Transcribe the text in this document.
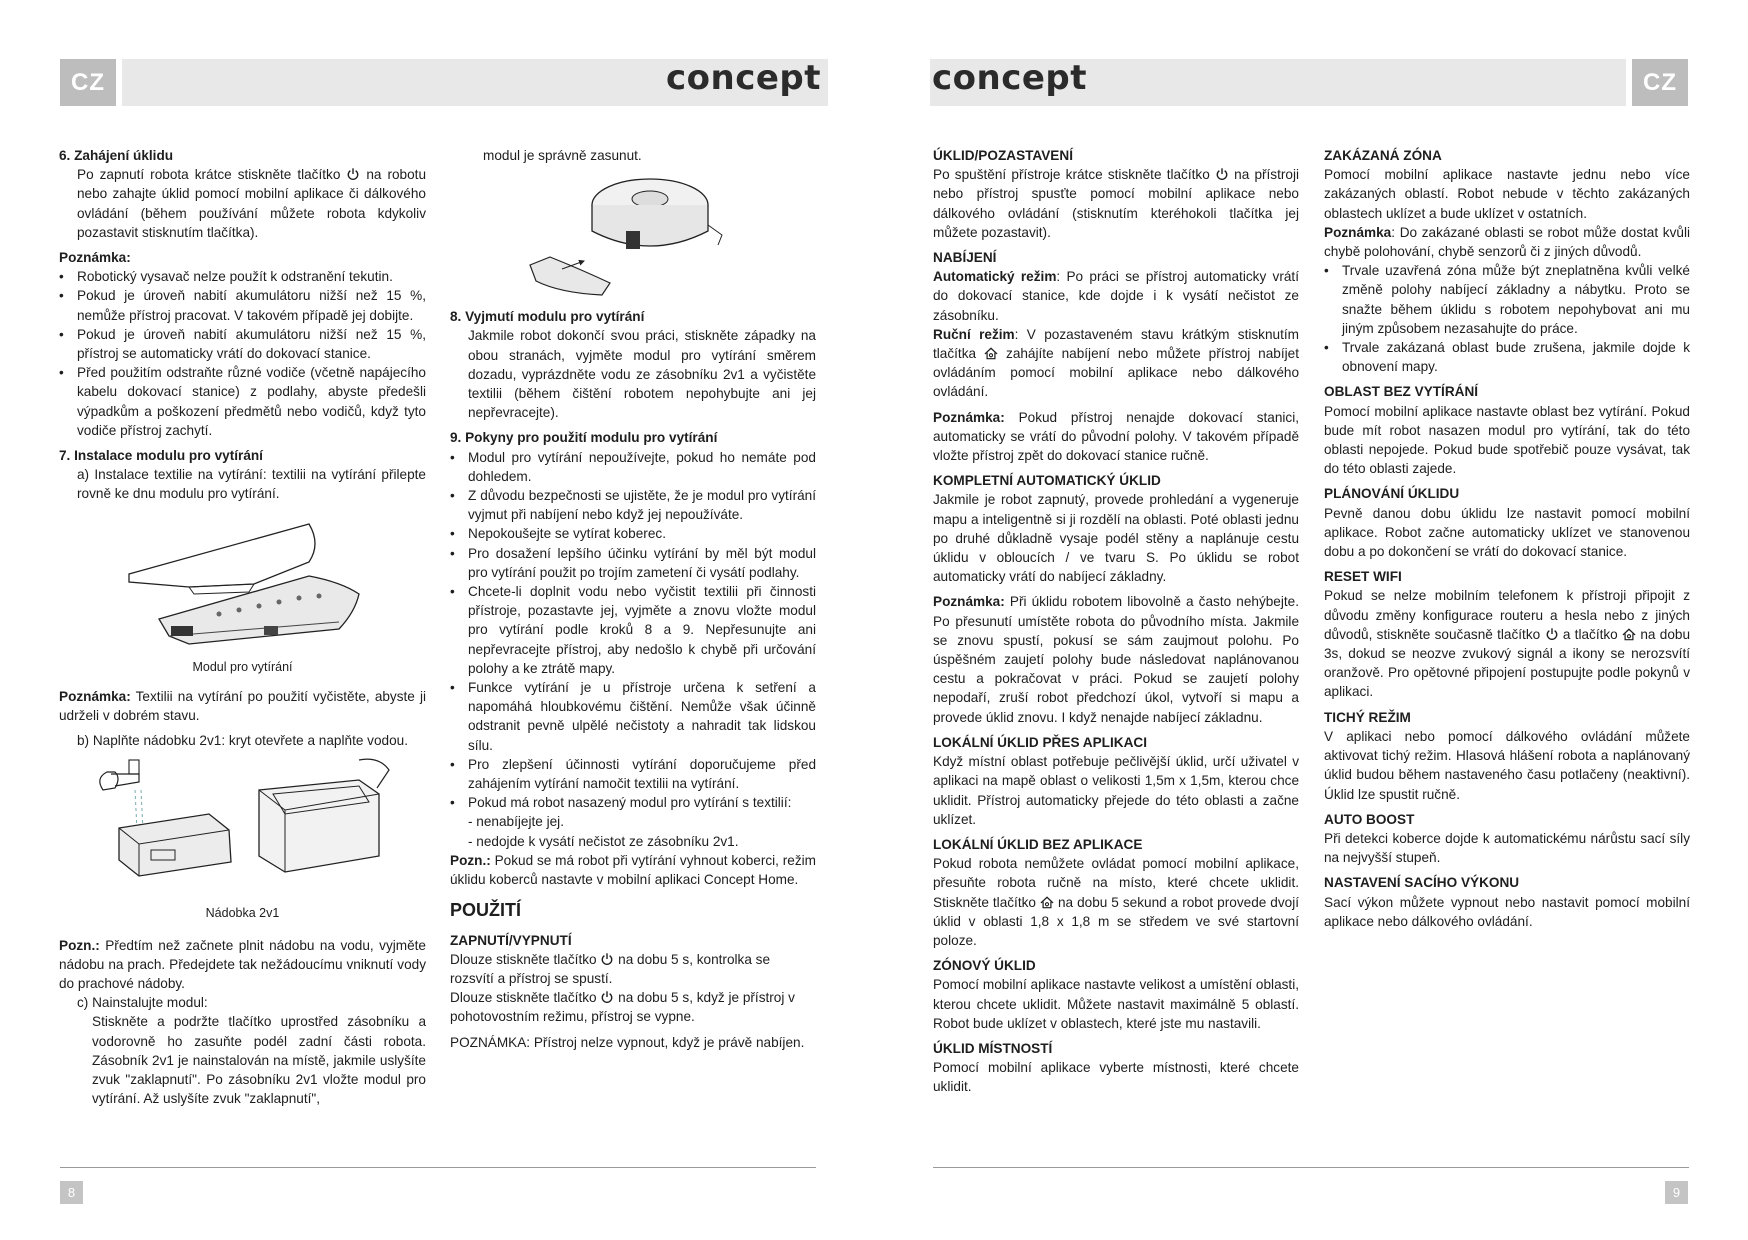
CZ	CZ
concept	concept
6. Zahájení úklidu

Po zapnutí robota krátce stiskněte tlačítko na robotu nebo zahajte úklid pomocí mobilní aplikace či dálkového ovládání (během používání můžete robota kdykoliv pozastavit stisknutím tlačítka).

Poznámka:
• Robotický vysavač nelze použít k odstranění tekutin.
• Pokud je úroveň nabití akumulátoru nižší než 15 %, nemůže přístroj pracovat. V takovém případě jej dobijte.
• Pokud je úroveň nabití akumulátoru nižší než 15 %, přístroj se automaticky vrátí do dokovací stanice.
• Před použitím odstraňte různé vodiče (včetně napájecího kabelu dokovací stanice) z podlahy, abyste předešli výpadkům a poškození předmětů nebo vodičů, když tyto vodiče přístroj zachytí.
7. Instalace modulu pro vytírání

a) Instalace textilie na vytírání: textilii na vytírání přilepte rovně ke dnu modulu pro vytírání.

Modul pro vytírání

Poznámka: Textilii na vytírání po použití vyčistěte, abyste ji udrželi v dobrém stavu.

b) Naplňte nádobku 2v1: kryt otevřete a naplňte vodou.

Nádobka 2v1

Pozn.: Předtím než začnete plnit nádobu na vodu, vyjměte nádobu na prach. Předejdete tak nežádoucímu vniknutí vody do prachové nádoby.

c) Nainstalujte modul:

Stiskněte a podržte tlačítko uprostřed zásobníku a vodorovně ho zasuňte podél zadní části robota. Zásobník 2v1 je nainstalován na místě, jakmile uslyšíte zvuk "zaklapnutí". Po zásobníku 2v1 vložte modul pro vytírání. Až uslyšíte zvuk "zaklapnutí",

modul je správně zasunut.

8. Vyjmutí modulu pro vytírání

Jakmile robot dokončí svou práci, stiskněte západky na obou stranách, vyjměte modul pro vytírání směrem dozadu, vyprázdněte vodu ze zásobníku 2v1 a vyčistěte textilii (během čištění robotem nepohybujte ani jej nepřevracejte).

9. Pokyny pro použití modulu pro vytírání
• Modul pro vytírání nepoužívejte, pokud ho nemáte pod dohledem.
• Z důvodu bezpečnosti se ujistěte, že je modul pro vytírání vyjmut při nabíjení nebo když jej nepoužíváte.
• Nepokoušejte se vytírat koberec.
• Pro dosažení lepšího účinku vytírání by měl být modul pro vytírání použit po trojím zametení či vysátí podlahy.
• Chcete-li doplnit vodu nebo vyčistit textilii při činnosti přístroje, pozastavte jej, vyjměte a znovu vložte modul pro vytírání podle kroků 8 a 9. Nepřesunujte ani nepřevracejte přístroj, aby nedošlo k chybě při určování polohy a ke ztrátě mapy.
• Funkce vytírání je u přístroje určena k setření a napomáhá hloubkovému čištění. Nemůže však účinně odstranit pevně ulpělé nečistoty a nahradit tak lidskou sílu.
• Pro zlepšení účinnosti vytírání doporučujeme před zahájením vytírání namočit textilii na vytírání.
• Pokud má robot nasazený modul pro vytírání s textilií:

- nenabíjejte jej.

- nedojde k vysátí nečistot ze zásobníku 2v1.

Pozn.: Pokud se má robot při vytírání vyhnout koberci, režim úklidu koberců nastavte v mobilní aplikaci Concept Home.

POUŽITÍ
ZAPNUTÍ/VYPNUTÍ

Dlouze stiskněte tlačítko na dobu 5 s, kontrolka se rozsvítí a přístroj se spustí.

Dlouze stiskněte tlačítko na dobu 5 s, když je přístroj v pohotovostním režimu, přístroj se vypne.

POZNÁMKA: Přístroj nelze vypnout, když je právě nabíjen.

ÚKLID/POZASTAVENÍ

Po spuštění přístroje krátce stiskněte tlačítko na přístroji nebo přístroj spusťte pomocí mobilní aplikace nebo dálkového ovládání (stisknutím kteréhokoli tlačítka jej můžete pozastavit).

NABÍJENÍ

Automatický režim: Po práci se přístroj automaticky vrátí do dokovací stanice, kde dojde i k vysátí nečistot ze zásobníku.

Ruční režim: V pozastaveném stavu krátkým stisknutím tlačítka zahájíte nabíjení nebo můžete přístroj nabíjet ovládáním pomocí mobilní aplikace nebo dálkového ovládání.

Poznámka: Pokud přístroj nenajde dokovací stanici, automaticky se vrátí do původní polohy. V takovém případě vložte přístroj zpět do dokovací stanice ručně.

KOMPLETNÍ AUTOMATICKÝ ÚKLID

Jakmile je robot zapnutý, provede prohledání a vygeneruje mapu a inteligentně si ji rozdělí na oblasti. Poté oblasti jednu po druhé důkladně vysaje podél stěny a naplánuje cestu úklidu v obloucích / ve tvaru S. Po úklidu se robot automaticky vrátí do nabíjecí základny.

Poznámka: Při úklidu robotem libovolně a často nehýbejte. Po přesunutí umístěte robota do původního místa. Jakmile se znovu spustí, pokusí se sám zaujmout polohu. Po úspěšném zaujetí polohy bude následovat naplánovanou cestu a pokračovat v práci. Pokud se zaujetí polohy nepodaří, zruší robot předchozí úkol, vytvoří si mapu a provede úklid znovu. I když nenajde nabíjecí základnu.

LOKÁLNÍ ÚKLID PŘES APLIKACI

Když místní oblast potřebuje pečlivější úklid, určí uživatel v aplikaci na mapě oblast o velikosti 1,5m x 1,5m, kterou chce uklidit. Přístroj automaticky přejede do této oblasti a začne uklízet.

LOKÁLNÍ ÚKLID BEZ APLIKACE

Pokud robota nemůžete ovládat pomocí mobilní aplikace, přesuňte robota ručně na místo, které chcete uklidit. Stiskněte tlačítko na dobu 5 sekund a robot provede dvojí úklid v oblasti 1,8 x 1,8 m se středem ve své startovní poloze.

ZÓNOVÝ ÚKLID

Pomocí mobilní aplikace nastavte velikost a umístění oblasti, kterou chcete uklidit. Můžete nastavit maximálně 5 oblastí. Robot bude uklízet v oblastech, které jste mu nastavili.

ÚKLID MÍSTNOSTÍ

Pomocí mobilní aplikace vyberte místnosti, které chcete uklidit.

ZAKÁZANÁ ZÓNA

Pomocí mobilní aplikace nastavte jednu nebo více zakázaných oblastí. Robot nebude v těchto zakázaných oblastech uklízet a bude uklízet v ostatních.

Poznámka: Do zakázané oblasti se robot může dostat kvůli chybě polohování, chybě senzorů či z jiných důvodů.

• Trvale uzavřená zóna může být zneplatněna kvůli velké změně polohy nabíjecí základny a nábytku. Proto se snažte během úklidu s robotem nepohybovat ani mu jiným způsobem nezasahujte do práce.
• Trvale zakázaná oblast bude zrušena, jakmile dojde k obnovení mapy.
OBLAST BEZ VYTÍRÁNÍ

Pomocí mobilní aplikace nastavte oblast bez vytírání. Pokud bude mít robot nasazen modul pro vytírání, tak do této oblasti nepojede. Pokud bude spotřebič pouze vysávat, tak do této oblasti zajede.

PLÁNOVÁNÍ ÚKLIDU

Pevně danou dobu úklidu lze nastavit pomocí mobilní aplikace. Robot začne automaticky uklízet ve stanovenou dobu a po dokončení se vrátí do dokovací stanice.

RESET WIFI

Pokud se nelze mobilním telefonem k přístroji připojit z důvodu změny konfigurace routeru a hesla nebo z jiných důvodů, stiskněte současně tlačítko a tlačítko na dobu 3s, dokud se neozve zvukový signál a ikony se nerozsvítí oranžově. Pro opětovné připojení postupujte podle pokynů v aplikaci.

TICHÝ REŽIM

V aplikaci nebo pomocí dálkového ovládání můžete aktivovat tichý režim. Hlasová hlášení robota a naplánovaný úklid budou během nastaveného času potlačeny (neaktivní). Úklid lze spustit ručně.

AUTO BOOST

Při detekci koberce dojde k automatickému nárůstu sací síly na nejvyšší stupeň.

NASTAVENÍ SACÍHO VÝKONU

Sací výkon můžete vypnout nebo nastavit pomocí mobilní aplikace nebo dálkového ovládání.

8	9
